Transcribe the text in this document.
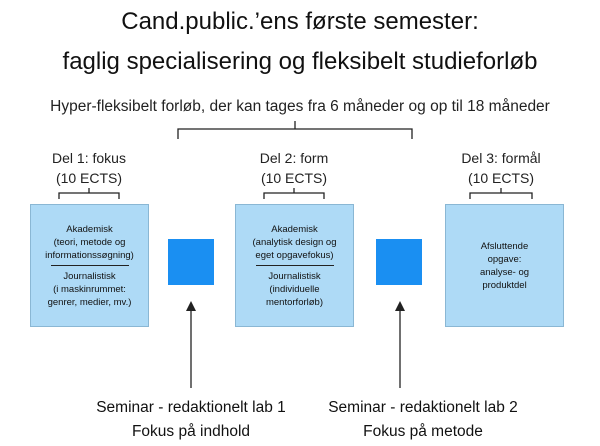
Cand.public.’ens første semester:
faglig specialisering og fleksibelt studieforløb
Hyper-fleksibelt forløb, der kan tages fra 6 måneder og op til 18 måneder
Del 1: fokus
(10 ECTS)
Del 2: form
(10 ECTS)
Del 3: formål
(10 ECTS)
Akademisk
(teori, metode og
informationssøgning)
Journalistisk
(i maskinrummet:
genrer, medier, mv.)
Akademisk
(analytisk design og
eget opgavefokus)
Journalistisk
(individuelle
mentorforløb)
Afsluttende
opgave:
analyse- og
produktdel
Seminar - redaktionelt lab 1
Fokus på indhold
Seminar - redaktionelt lab 2
Fokus på metode
